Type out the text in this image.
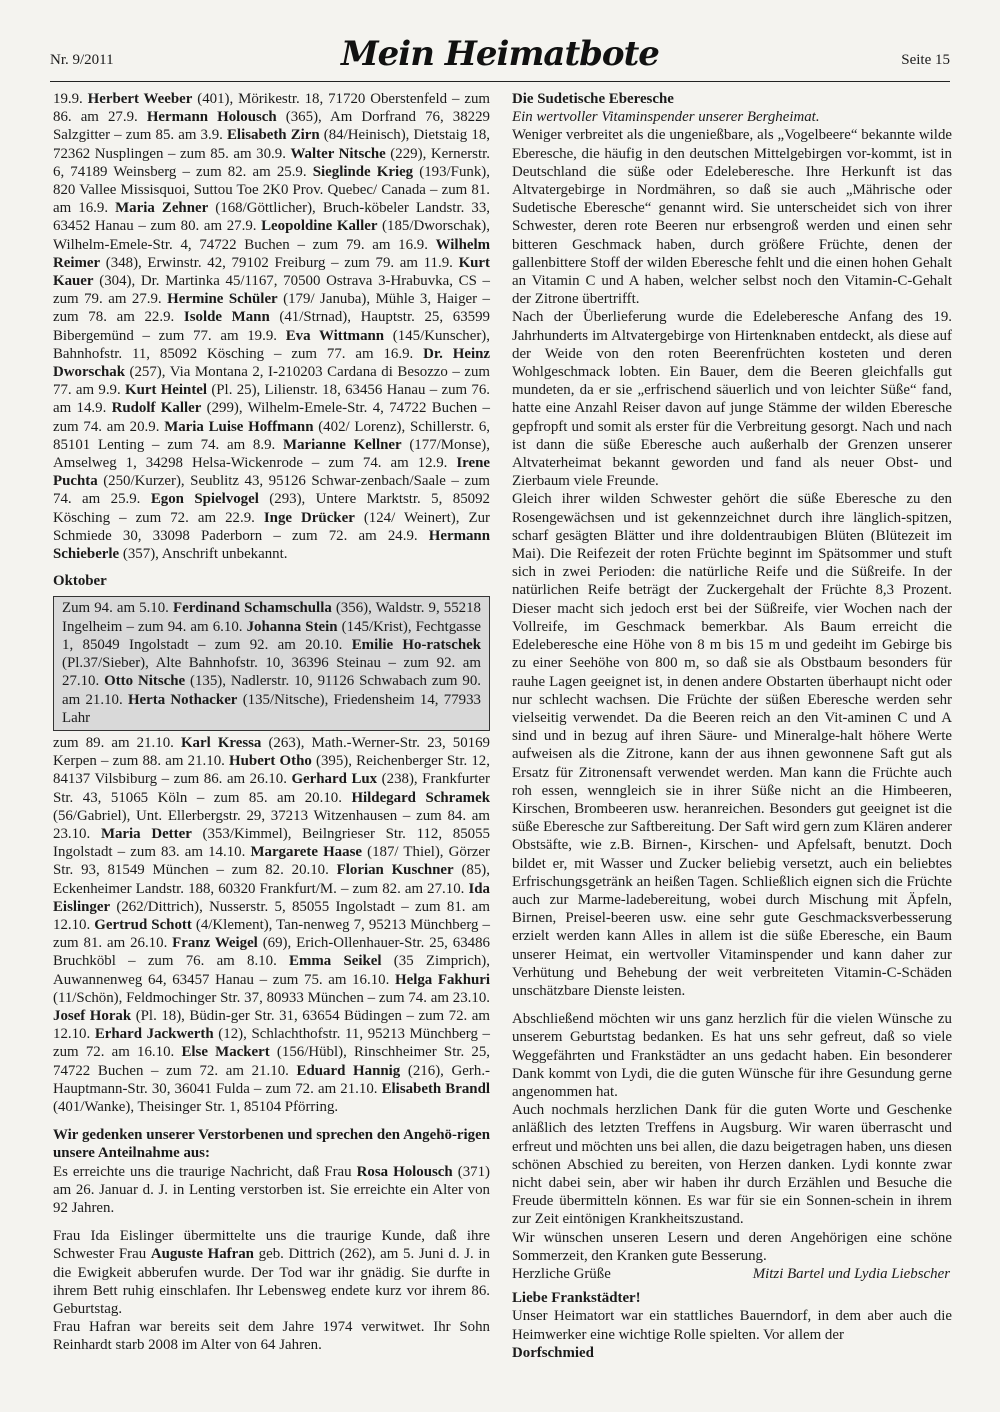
Nr. 9/2011	Mein Heimatbote	Seite 15

19.9. Herbert Weeber (401), Mörikestr. 18, 71720 Oberstenfeld – zum 86. am 27.9. Hermann Holousch (365), Am Dorfrand 76, 38229 Salzgitter – zum 85. am 3.9. Elisabeth Zirn (84/Heinisch), Dietstaig 18, 72362 Nusplingen – zum 85. am 30.9. Walter Nitsche (229), Kernerstr. 6, 74189 Weinsberg – zum 82. am 25.9. Sieglinde Krieg (193/Funk), 820 Vallee Missisquoi, Suttou Toe 2K0 Prov. Quebec/ Canada – zum 81. am 16.9. Maria Zehner (168/Göttlicher), Bruch-köbeler Landstr. 33, 63452 Hanau – zum 80. am 27.9. Leopoldine Kaller (185/Dworschak), Wilhelm-Emele-Str. 4, 74722 Buchen – zum 79. am 16.9. Wilhelm Reimer (348), Erwinstr. 42, 79102 Freiburg – zum 79. am 11.9. Kurt Kauer (304), Dr. Martinka 45/1167, 70500 Ostrava 3-Hrabuvka, CS – zum 79. am 27.9. Hermine Schüler (179/ Januba), Mühle 3, Haiger – zum 78. am 22.9. Isolde Mann (41/Strnad), Hauptstr. 25, 63599 Bibergemünd – zum 77. am 19.9. Eva Wittmann (145/Kunscher), Bahnhofstr. 11, 85092 Kösching – zum 77. am 16.9. Dr. Heinz Dworschak (257), Via Montana 2, I-210203 Cardana di Besozzo – zum 77. am 9.9. Kurt Heintel (Pl. 25), Lilienstr. 18, 63456 Hanau – zum 76. am 14.9. Rudolf Kaller (299), Wilhelm-Emele-Str. 4, 74722 Buchen – zum 74. am 20.9. Maria Luise Hoffmann (402/ Lorenz), Schillerstr. 6, 85101 Lenting – zum 74. am 8.9. Marianne Kellner (177/Monse), Amselweg 1, 34298 Helsa-Wickenrode – zum 74. am 12.9. Irene Puchta (250/Kurzer), Seublitz 43, 95126 Schwar-zenbach/Saale – zum 74. am 25.9. Egon Spielvogel (293), Untere Marktstr. 5, 85092 Kösching – zum 72. am 22.9. Inge Drücker (124/ Weinert), Zur Schmiede 30, 33098 Paderborn – zum 72. am 24.9. Hermann Schieberle (357), Anschrift unbekannt.

Oktober

Zum 94. am 5.10. Ferdinand Schamschulla (356), Waldstr. 9, 55218 Ingelheim – zum 94. am 6.10. Johanna Stein (145/Krist), Fechtgasse 1, 85049 Ingolstadt – zum 92. am 20.10. Emilie Ho-ratschek (Pl.37/Sieber), Alte Bahnhofstr. 10, 36396 Steinau – zum 92. am 27.10. Otto Nitsche (135), Nadlerstr. 10, 91126 Schwabach zum 90. am 21.10. Herta Nothacker (135/Nitsche), Friedensheim 14, 77933 Lahr

zum 89. am 21.10. Karl Kressa (263), Math.-Werner-Str. 23, 50169 Kerpen – zum 88. am 21.10. Hubert Otho (395), Reichenberger Str. 12, 84137 Vilsbiburg – zum 86. am 26.10. Gerhard Lux (238), Frankfurter Str. 43, 51065 Köln – zum 85. am 20.10. Hildegard Schramek (56/Gabriel), Unt. Ellerbergstr. 29, 37213 Witzenhausen – zum 84. am 23.10. Maria Detter (353/Kimmel), Beilngrieser Str. 112, 85055 Ingolstadt – zum 83. am 14.10. Margarete Haase (187/ Thiel), Görzer Str. 93, 81549 München – zum 82. 20.10. Florian Kuschner (85), Eckenheimer Landstr. 188, 60320 Frankfurt/M. – zum 82. am 27.10. Ida Eislinger (262/Dittrich), Nusserstr. 5, 85055 Ingolstadt – zum 81. am 12.10. Gertrud Schott (4/Klement), Tan-nenweg 7, 95213 Münchberg – zum 81. am 26.10. Franz Weigel (69), Erich-Ollenhauer-Str. 25, 63486 Bruchköbl – zum 76. am 8.10. Emma Seikel (35 Zimprich), Auwannenweg 64, 63457 Hanau – zum 75. am 16.10. Helga Fakhuri (11/Schön), Feldmochinger Str. 37, 80933 München – zum 74. am 23.10. Josef Horak (Pl. 18), Büdin-ger Str. 31, 63654 Büdingen – zum 72. am 12.10. Erhard Jackwerth (12), Schlachthofstr. 11, 95213 Münchberg – zum 72. am 16.10. Else Mackert (156/Hübl), Rinschheimer Str. 25, 74722 Buchen – zum 72. am 21.10. Eduard Hannig (216), Gerh.-Hauptmann-Str. 30, 36041 Fulda – zum 72. am 21.10. Elisabeth Brandl (401/Wanke), Theisinger Str. 1, 85104 Pförring.

Wir gedenken unserer Verstorbenen und sprechen den Angehö-rigen unsere Anteilnahme aus:

Es erreichte uns die traurige Nachricht, daß Frau Rosa Holousch (371) am 26. Januar d. J. in Lenting verstorben ist. Sie erreichte ein Alter von 92 Jahren.

Frau Ida Eislinger übermittelte uns die traurige Kunde, daß ihre Schwester Frau Auguste Hafran geb. Dittrich (262), am 5. Juni d. J. in die Ewigkeit abberufen wurde. Der Tod war ihr gnädig. Sie durfte in ihrem Bett ruhig einschlafen. Ihr Lebensweg endete kurz vor ihrem 86. Geburtstag.

Frau Hafran war bereits seit dem Jahre 1974 verwitwet. Ihr Sohn Reinhardt starb 2008 im Alter von 64 Jahren.

Die Sudetische Eberesche

Ein wertvoller Vitaminspender unserer Bergheimat.

Weniger verbreitet als die ungenießbare, als „Vogelbeere“ bekannte wilde Eberesche, die häufig in den deutschen Mittelgebirgen vor-kommt, ist in Deutschland die süße oder Edeleberesche. Ihre Herkunft ist das Altvatergebirge in Nordmähren, so daß sie auch „Mährische oder Sudetische Eberesche“ genannt wird. Sie unterscheidet sich von ihrer Schwester, deren rote Beeren nur erbsengroß werden und einen sehr bitteren Geschmack haben, durch größere Früchte, denen der gallenbittere Stoff der wilden Eberesche fehlt und die einen hohen Gehalt an Vitamin C und A haben, welcher selbst noch den Vitamin-C-Gehalt der Zitrone übertrifft.

Nach der Überlieferung wurde die Edeleberesche Anfang des 19. Jahrhunderts im Altvatergebirge von Hirtenknaben entdeckt, als diese auf der Weide von den roten Beerenfrüchten kosteten und deren Wohlgeschmack lobten. Ein Bauer, dem die Beeren gleichfalls gut mundeten, da er sie „erfrischend säuerlich und von leichter Süße“ fand, hatte eine Anzahl Reiser davon auf junge Stämme der wilden Eberesche gepfropft und somit als erster für die Verbreitung gesorgt. Nach und nach ist dann die süße Eberesche auch außerhalb der Grenzen unserer Altvaterheimat bekannt geworden und fand als neuer Obst- und Zierbaum viele Freunde.

Gleich ihrer wilden Schwester gehört die süße Eberesche zu den Rosengewächsen und ist gekennzeichnet durch ihre länglich-spitzen, scharf gesägten Blätter und ihre doldentraubigen Blüten (Blütezeit im Mai). Die Reifezeit der roten Früchte beginnt im Spätsommer und stuft sich in zwei Perioden: die natürliche Reife und die Süßreife. In der natürlichen Reife beträgt der Zuckergehalt der Früchte 8,3 Prozent. Dieser macht sich jedoch erst bei der Süßreife, vier Wochen nach der Vollreife, im Geschmack bemerkbar. Als Baum erreicht die Edeleberesche eine Höhe von 8 m bis 15 m und gedeiht im Gebirge bis zu einer Seehöhe von 800 m, so daß sie als Obstbaum besonders für rauhe Lagen geeignet ist, in denen andere Obstarten überhaupt nicht oder nur schlecht wachsen. Die Früchte der süßen Eberesche werden sehr vielseitig verwendet. Da die Beeren reich an den Vit-aminen C und A sind und in bezug auf ihren Säure- und Mineralge-halt höhere Werte aufweisen als die Zitrone, kann der aus ihnen gewonnene Saft gut als Ersatz für Zitronensaft verwendet werden. Man kann die Früchte auch roh essen, wenngleich sie in ihrer Süße nicht an die Himbeeren, Kirschen, Brombeeren usw. heranreichen. Besonders gut geeignet ist die süße Eberesche zur Saftbereitung. Der Saft wird gern zum Klären anderer Obstsäfte, wie z.B. Birnen-, Kirschen- und Apfelsaft, benutzt. Doch bildet er, mit Wasser und Zucker beliebig versetzt, auch ein beliebtes Erfrischungsgetränk an heißen Tagen. Schließlich eignen sich die Früchte auch zur Marme-ladebereitung, wobei durch Mischung mit Äpfeln, Birnen, Preisel-beeren usw. eine sehr gute Geschmacksverbesserung erzielt werden kann Alles in allem ist die süße Eberesche, ein Baum unserer Heimat, ein wertvoller Vitaminspender und kann daher zur Verhütung und Behebung der weit verbreiteten Vitamin-C-Schäden unschätzbare Dienste leisten.

Abschließend möchten wir uns ganz herzlich für die vielen Wünsche zu unserem Geburtstag bedanken. Es hat uns sehr gefreut, daß so viele Weggefährten und Frankstädter an uns gedacht haben. Ein besonderer Dank kommt von Lydi, die die guten Wünsche für ihre Gesundung gerne angenommen hat.

Auch nochmals herzlichen Dank für die guten Worte und Geschenke anläßlich des letzten Treffens in Augsburg. Wir waren überrascht und erfreut und möchten uns bei allen, die dazu beigetragen haben, uns diesen schönen Abschied zu bereiten, von Herzen danken. Lydi konnte zwar nicht dabei sein, aber wir haben ihr durch Erzählen und Besuche die Freude übermitteln können. Es war für sie ein Sonnen-schein in ihrem zur Zeit eintönigen Krankheitszustand.

Wir wünschen unseren Lesern und deren Angehörigen eine schöne Sommerzeit, den Kranken gute Besserung.

Herzliche Grüße	Mitzi Bartel und Lydia Liebscher

Liebe Frankstädter!

Unser Heimatort war ein stattliches Bauerndorf, in dem aber auch die Heimwerker eine wichtige Rolle spielten. Vor allem der

Dorfschmied
